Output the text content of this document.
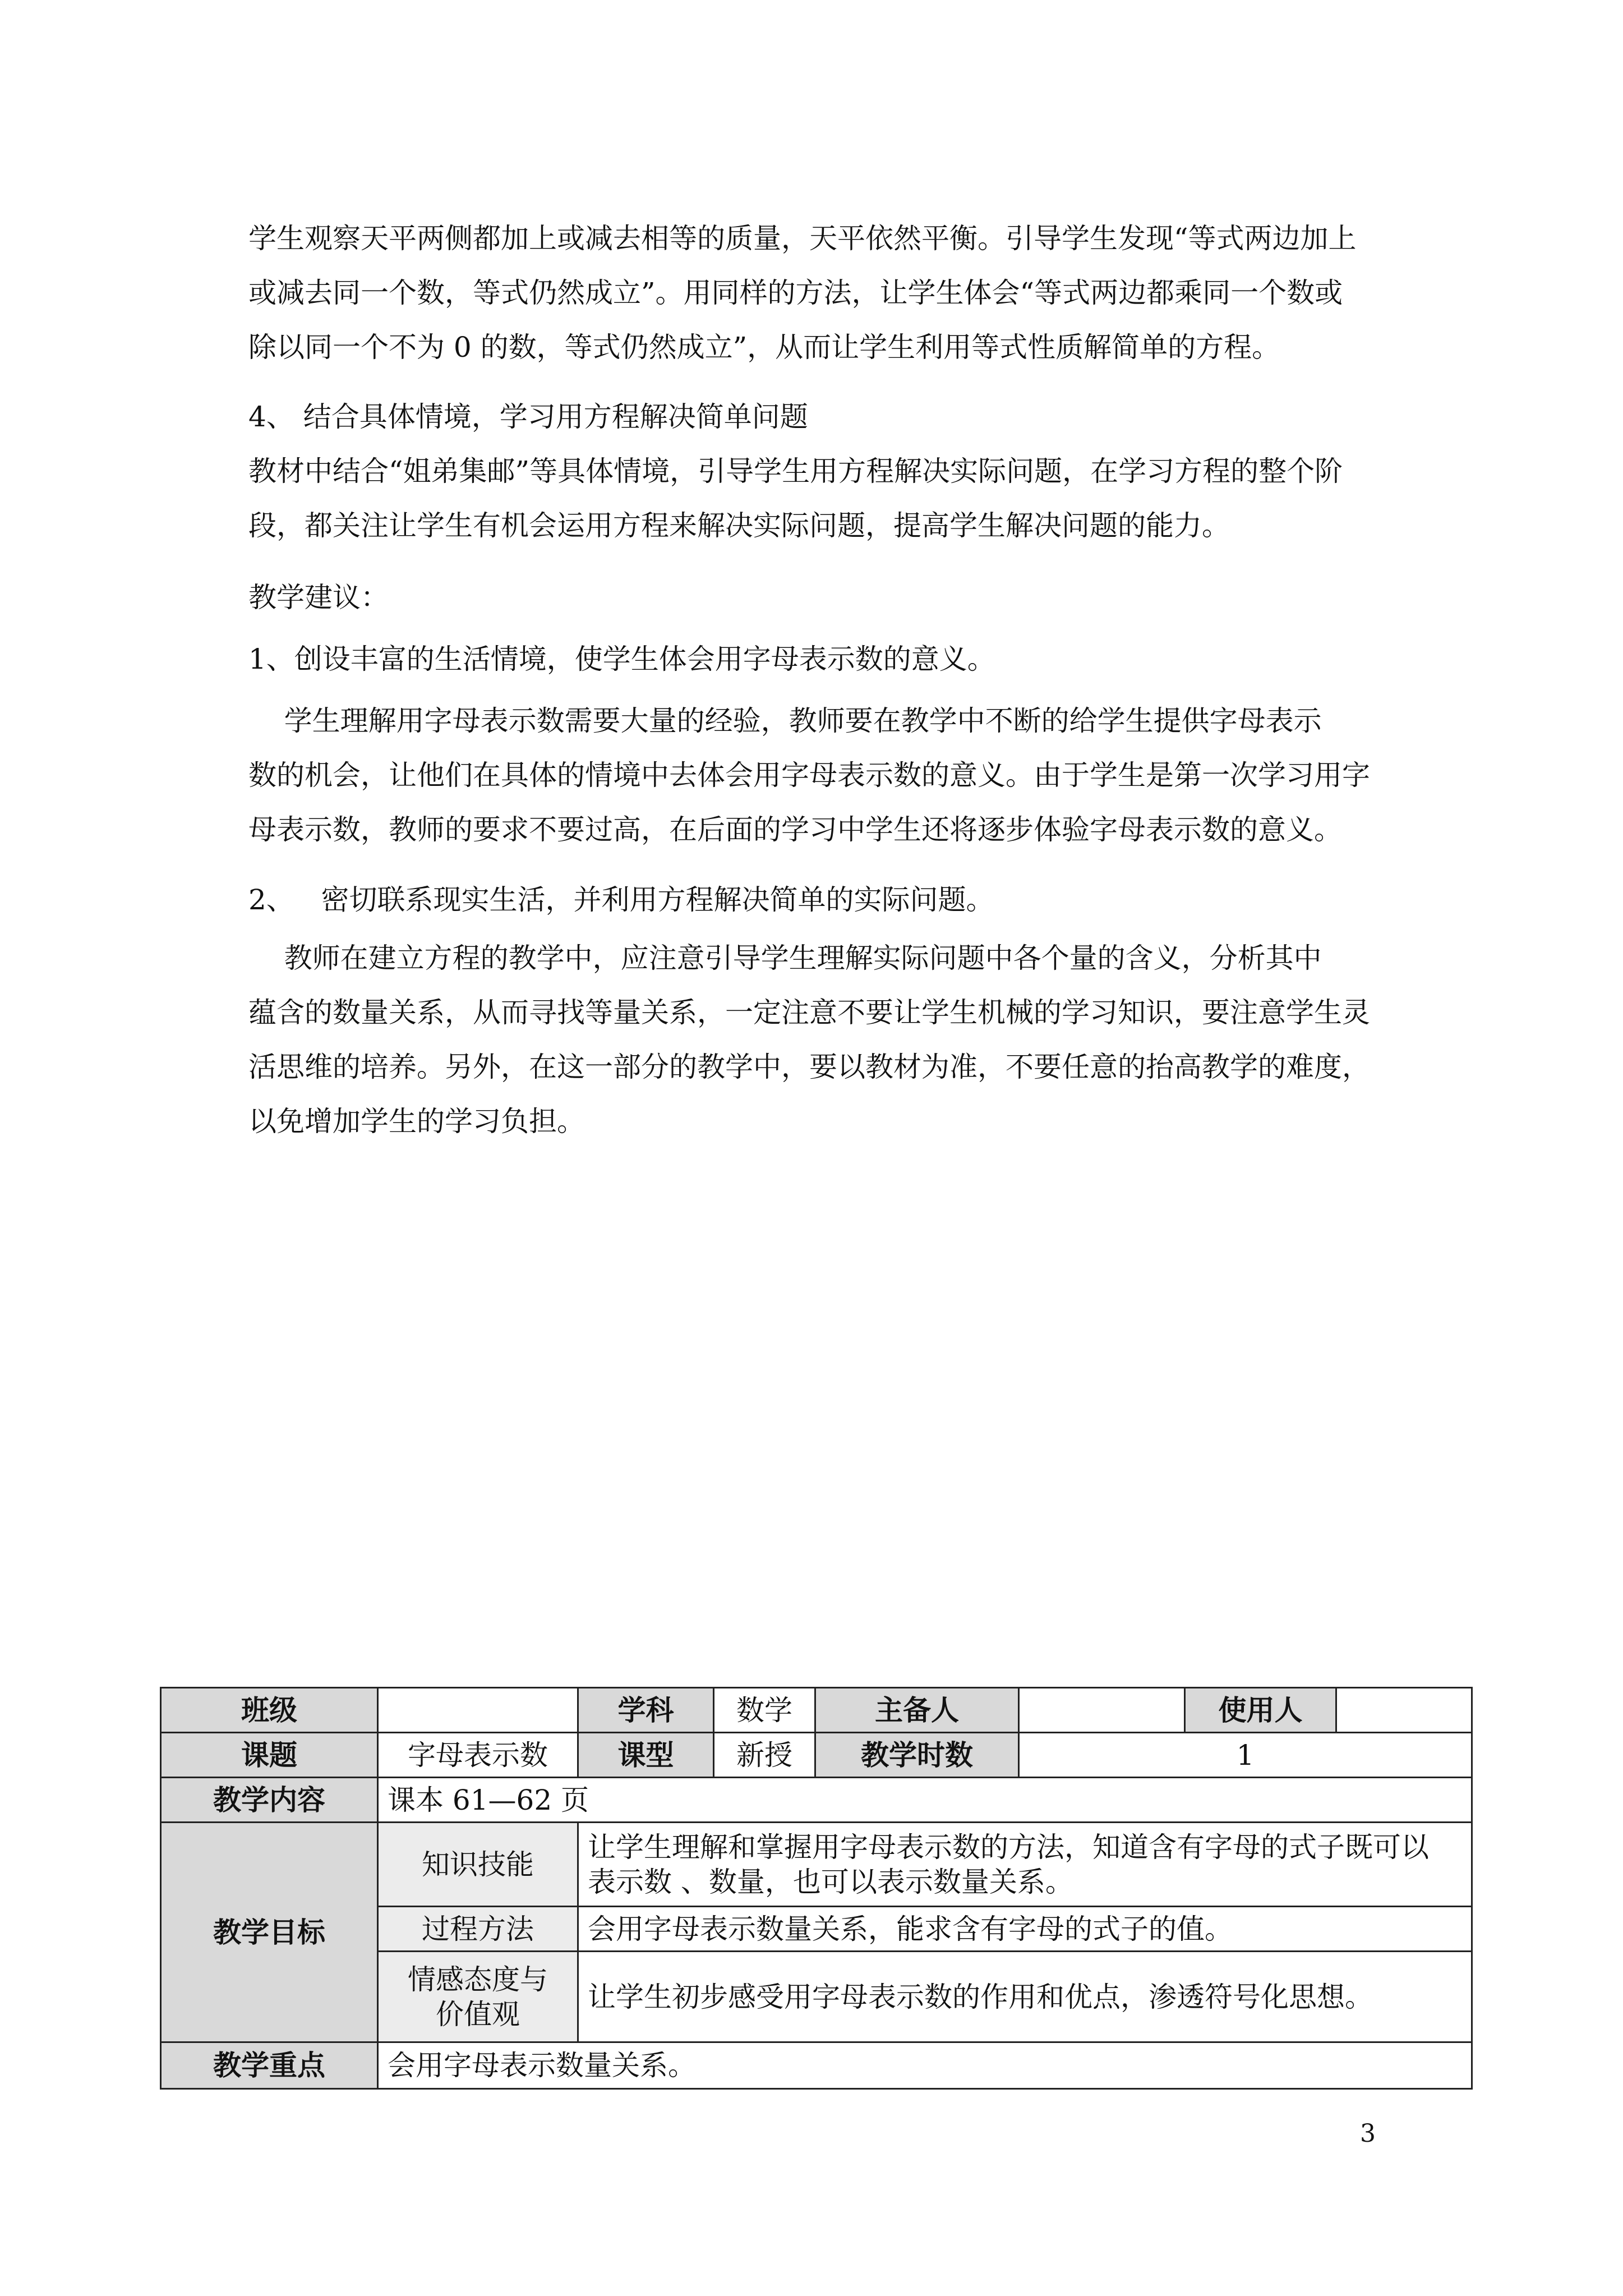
学生观察天平两侧都加上或减去相等的质量，天平依然平衡。引导学生发现“等式两边加上
或减去同一个数，等式仍然成立”。用同样的方法，让学生体会“等式两边都乘同一个数或
除以同一个不为 0 的数，等式仍然成立”，从而让学生利用等式性质解简单的方程。
4、 结合具体情境，学习用方程解决简单问题
教材中结合“姐弟集邮”等具体情境，引导学生用方程解决实际问题，在学习方程的整个阶
段，都关注让学生有机会运用方程来解决实际问题，提高学生解决问题的能力。
教学建议：
1、创设丰富的生活情境，使学生体会用字母表示数的意义。
学生理解用字母表示数需要大量的经验，教师要在教学中不断的给学生提供字母表示
数的机会，让他们在具体的情境中去体会用字母表示数的意义。由于学生是第一次学习用字
母表示数，教师的要求不要过高，在后面的学习中学生还将逐步体验字母表示数的意义。
2、   密切联系现实生活，并利用方程解决简单的实际问题。
教师在建立方程的教学中，应注意引导学生理解实际问题中各个量的含义，分析其中
蕴含的数量关系，从而寻找等量关系，一定注意不要让学生机械的学习知识，要注意学生灵
活思维的培养。另外，在这一部分的教学中，要以教材为准，不要任意的抬高教学的难度，
以免增加学生的学习负担。
班级		学科	数学	主备人		使用人	
课题	字母表示数	课型	新授	教学时数	1		
教学内容	课本 61—62 页						
教学目标	知识技能	让学生理解和掌握用字母表示数的方法，知道含有字母的式子既可以
表示数 、数量，也可以表示数量关系。					

	过程方法	会用字母表示数量关系，能求含有字母的式子的值。					

	情感态度与
价值观	让学生初步感受用字母表示数的作用和优点，渗透符号化思想。					
教学重点	会用字母表示数量关系。						
3
